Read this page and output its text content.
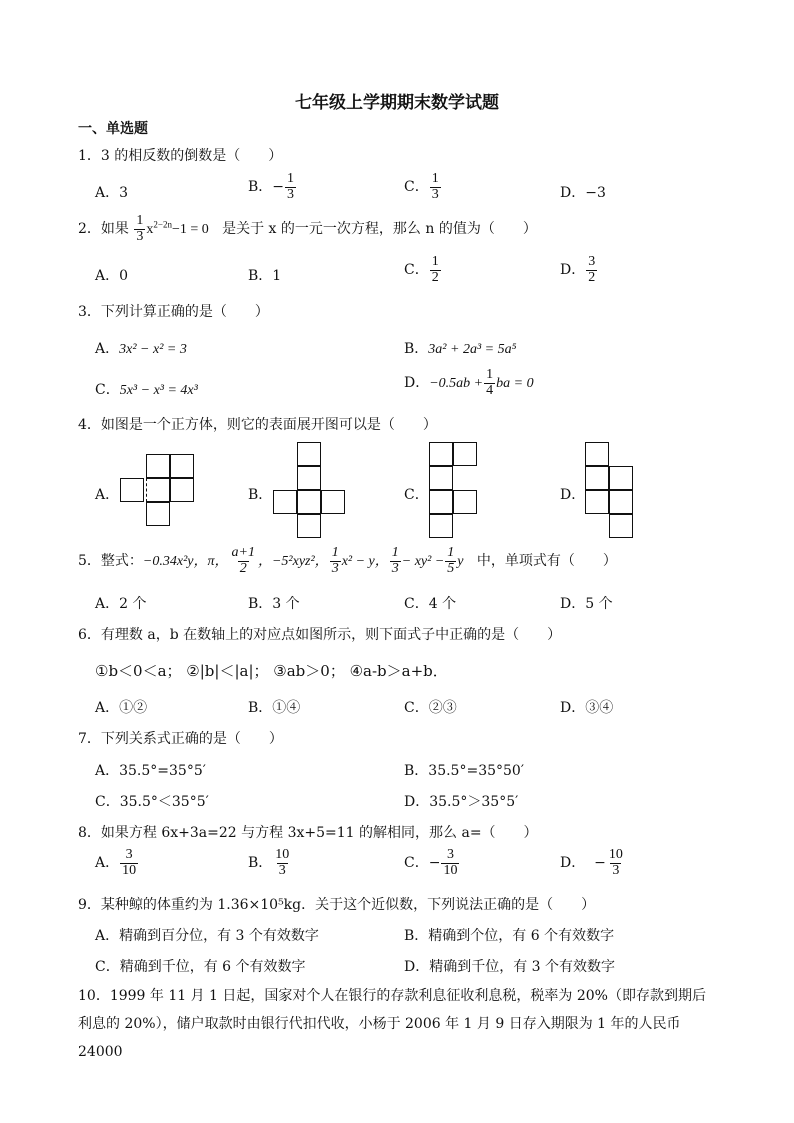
七年级上学期期末数学试题
一、单选题
1．3 的相反数的倒数是（　　）
A．3	B．− $\frac{1}{3}$	C． $\frac{1}{3}$	D．−3
2．如果 $\frac{1}{3} x^{2-2n}-1 = 0$ 是关于 x 的一元一次方程，那么 n 的值为（　　）
A．0	B．1	C． $\frac{1}{2}$	D． $\frac{3}{2}$
3．下列计算正确的是（　　）
A．3x² − x² = 3	B．3a² + 2a³ = 5a⁵
C．5x³ − x³ = 4x³	D．$-0.5ab + \frac{1}{4}$ ba = 0
4．如图是一个正方体，则它的表面展开图可以是（　　）
A．	B．	C．	D．
5．整式：−0.34x²y，π， $\frac{a+1}{2}$ ，−5²xyz²， $\frac{1}{3} x^2 - y$， $\frac{1}{3} - xy^2 - \frac{1}{5}$ y 中，单项式有（　　）
A．2 个	B．3 个	C．4 个	D．5 个
6．有理数 a，b 在数轴上的对应点如图所示，则下面式子中正确的是（　　）
①b＜0＜a； ②|b|＜|a|； ③ab＞0； ④a-b＞a+b．
A．①②	B．①④	C．②③	D．③④
7．下列关系式正确的是（　　）
A．35.5°=35°5′	B．35.5°=35°50′
C．35.5°＜35°5′	D．35.5°＞35°5′
8．如果方程 6x+3a=22 与方程 3x+5=11 的解相同，那么 a=（　　）
A． $\frac{3}{10}$	B． $\frac{10}{3}$	C．− $\frac{3}{10}$	D． − $\frac{10}{3}$
9．某种鲸的体重约为 1.36×10⁵kg．关于这个近似数，下列说法正确的是（　　）
A．精确到百分位，有 3 个有效数字	B．精确到个位，有 6 个有效数字
C．精确到千位，有 6 个有效数字	D．精确到千位，有 3 个有效数字

10．1999 年 11 月 1 日起，国家对个人在银行的存款利息征收利息税，税率为 20%（即存款到期后利息的 20%），储户取款时由银行代扣代收，小杨于 2006 年 1 月 9 日存入期限为 1 年的人民币 24000
